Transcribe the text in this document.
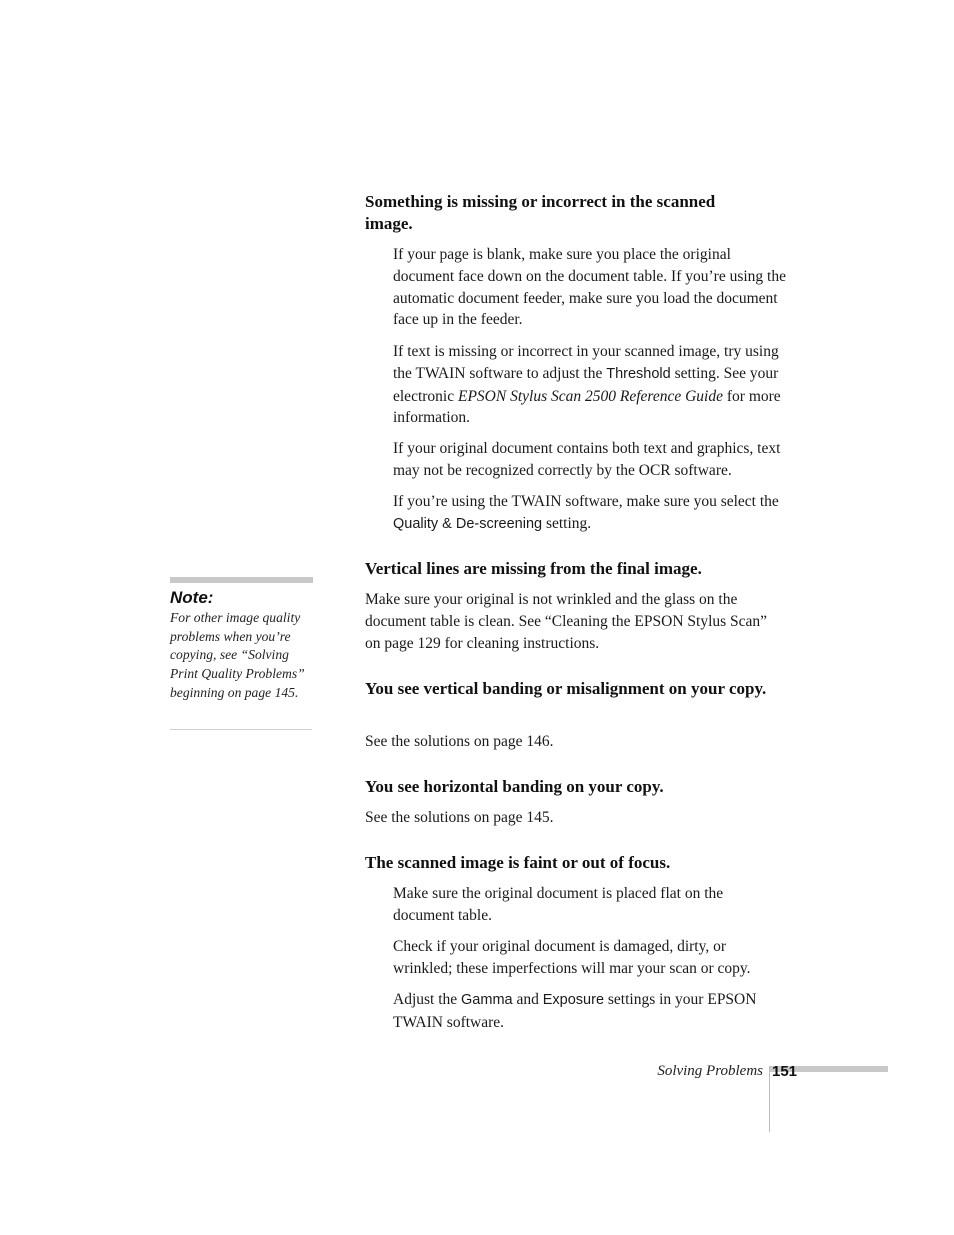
Something is missing or incorrect in the scanned image.
If your page is blank, make sure you place the original document face down on the document table. If you’re using the automatic document feeder, make sure you load the document face up in the feeder.
If text is missing or incorrect in your scanned image, try using the TWAIN software to adjust the Threshold setting. See your electronic EPSON Stylus Scan 2500 Reference Guide for more information.
If your original document contains both text and graphics, text may not be recognized correctly by the OCR software.
If you’re using the TWAIN software, make sure you select the Quality & De-screening setting.
Vertical lines are missing from the final image.
Make sure your original is not wrinkled and the glass on the document table is clean. See “Cleaning the EPSON Stylus Scan” on page 129 for cleaning instructions.
You see vertical banding or misalignment on your copy.
See the solutions on page 146.
You see horizontal banding on your copy.
See the solutions on page 145.
The scanned image is faint or out of focus.
Make sure the original document is placed flat on the document table.
Check if your original document is damaged, dirty, or wrinkled; these imperfections will mar your scan or copy.
Adjust the Gamma and Exposure settings in your EPSON TWAIN software.
Note:
For other image quality problems when you’re copying, see “Solving Print Quality Problems” beginning on page 145.
Solving Problems 151
